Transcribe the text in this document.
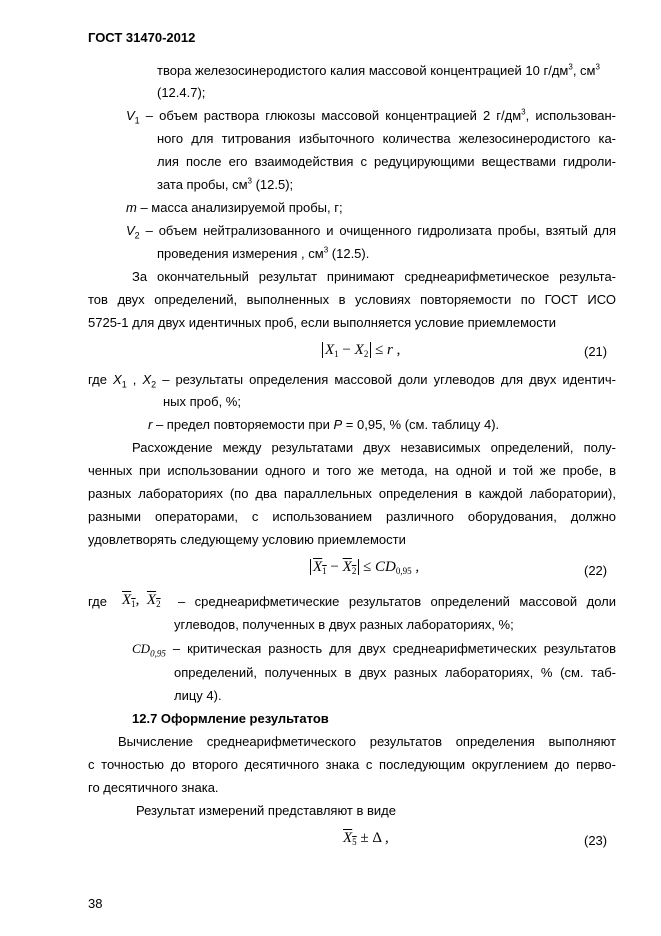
ГОСТ 31470-2012
твора железосинеродистого калия массовой концентрацией 10 $г/дм^3$, $см^3$
(12.4.7);
$V_1$ – объем раствора глюкозы массовой концентрацией 2 $г/дм^3$, использован-
ного для титрования избыточного количества железосинеродистого ка-
лия после его взаимодействия с редуцирующими веществами гидроли-
зата пробы, $см^3$ (12.5);
m – масса анализируемой пробы, г;
$V_2$ – объем нейтрализованного и очищенного гидролизата пробы, взятый для
проведения измерения , $см^3$ (12.5).
За окончательный результат принимают среднеарифметическое результа-
тов двух определений, выполненных в условиях повторяемости по ГОСТ ИСО
5725-1 для двух идентичных проб, если выполняется условие приемлемости
$X_1 - X_2 \le r$ ,	(21)
где $X_1$ , $X_2$ – результаты определения массовой доли углеводов для двух идентич-
ных проб, %;
r – предел повторяемости при P = 0,95, % (см. таблицу 4).
Расхождение между результатами двух независимых определений, полу-
ченных при использовании одного и того же метода, на одной и той же пробе, в
разных лабораториях (по два параллельных определения в каждой лаборатории),
разными операторами, с использованием различного оборудования, должно
удовлетворять следующему условию приемлемости
$X_1 - X_2 \le CD_{0,95}$ ,	(22)
где $X_1$, $X_2$ – среднеарифметические результатов определений массовой доли
углеводов, полученных в двух разных лабораториях, %;
$CD_{0,95}$ – критическая разность для двух среднеарифметических результатов
определений, полученных в двух разных лабораториях, % (см. таб-
лицу 4).
12.7 Оформление результатов
Вычисление среднеарифметического результатов определения выполняют
с точностью до второго десятичного знака с последующим округлением до перво-
го десятичного знака.
Результат измерений представляют в виде
$X_5 \pm \Delta$ ,	(23)
38
